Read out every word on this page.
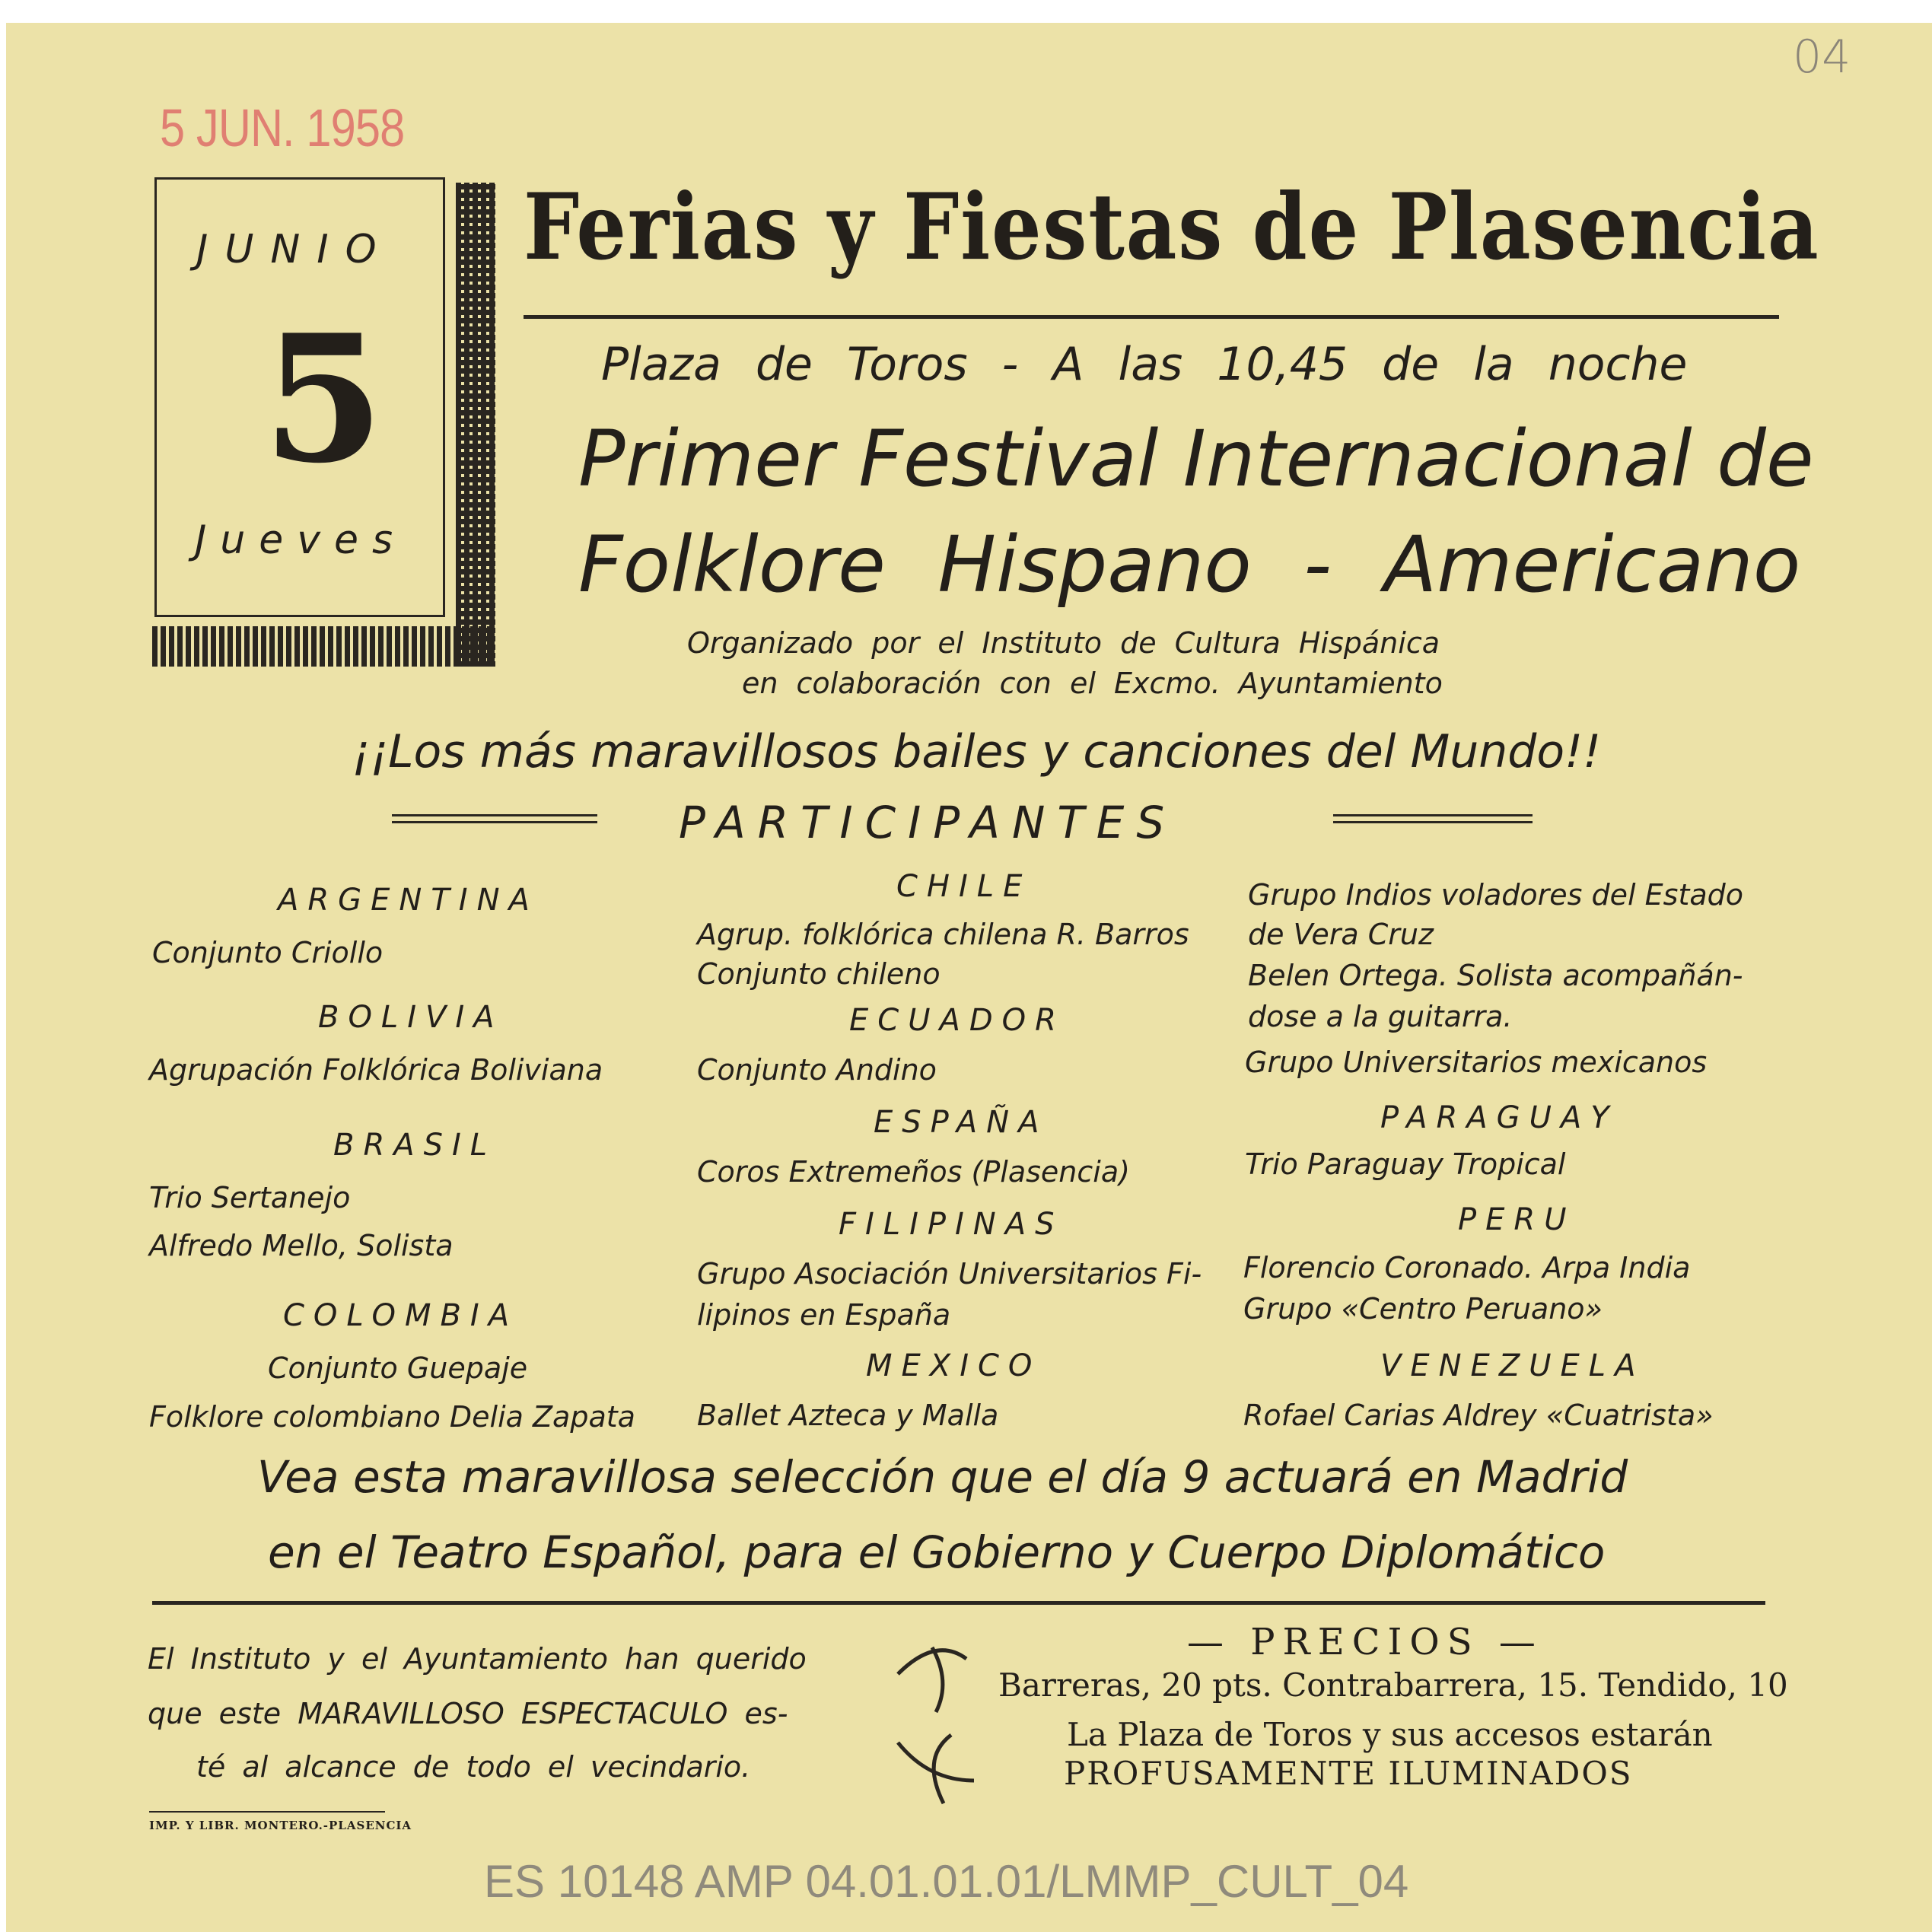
5 JUN. 1958
04
JUNIO
5
Jueves
Ferias y Fiestas de Plasencia
Plaza de Toros - A las 10,45 de la noche
Primer Festival Internacional de
Folklore Hispano - Americano
Organizado por el Instituto de Cultura Hispánica
en colaboración con el Excmo. Ayuntamiento
¡¡Los más maravillosos bailes y canciones del Mundo!!
PARTICIPANTES
ARGENTINA
Conjunto Criollo
BOLIVIA
Agrupación Folklórica Boliviana
BRASIL
Trio Sertanejo
Alfredo Mello, Solista
COLOMBIA
Conjunto Guepaje
Folklore colombiano Delia Zapata
CHILE
Agrup. folklórica chilena R. Barros
Conjunto chileno
ECUADOR
Conjunto Andino
ESPAÑA
Coros Extremeños (Plasencia)
FILIPINAS
Grupo Asociación Universitarios Fi-
lipinos en España
MEXICO
Ballet Azteca y Malla
Grupo Indios voladores del Estado
de Vera Cruz
Belen Ortega. Solista acompañán-
dose a la guitarra.
Grupo Universitarios mexicanos
PARAGUAY
Trio Paraguay Tropical
PERU
Florencio Coronado. Arpa India
Grupo «Centro Peruano»
VENEZUELA
Rofael Carias Aldrey «Cuatrista»
Vea esta maravillosa selección que el día 9 actuará en Madrid
en el Teatro Español, para el Gobierno y Cuerpo Diplomático
El Instituto y el Ayuntamiento han querido
que este MARAVILLOSO ESPECTACULO es-
té al alcance de todo el vecindario.
— PRECIOS —
Barreras, 20 pts. Contrabarrera, 15. Tendido, 10
La Plaza de Toros y sus accesos estarán
PROFUSAMENTE ILUMINADOS
IMP. Y LIBR. MONTERO.-PLASENCIA
ES 10148 AMP 04.01.01.01/LMMP_CULT_04
